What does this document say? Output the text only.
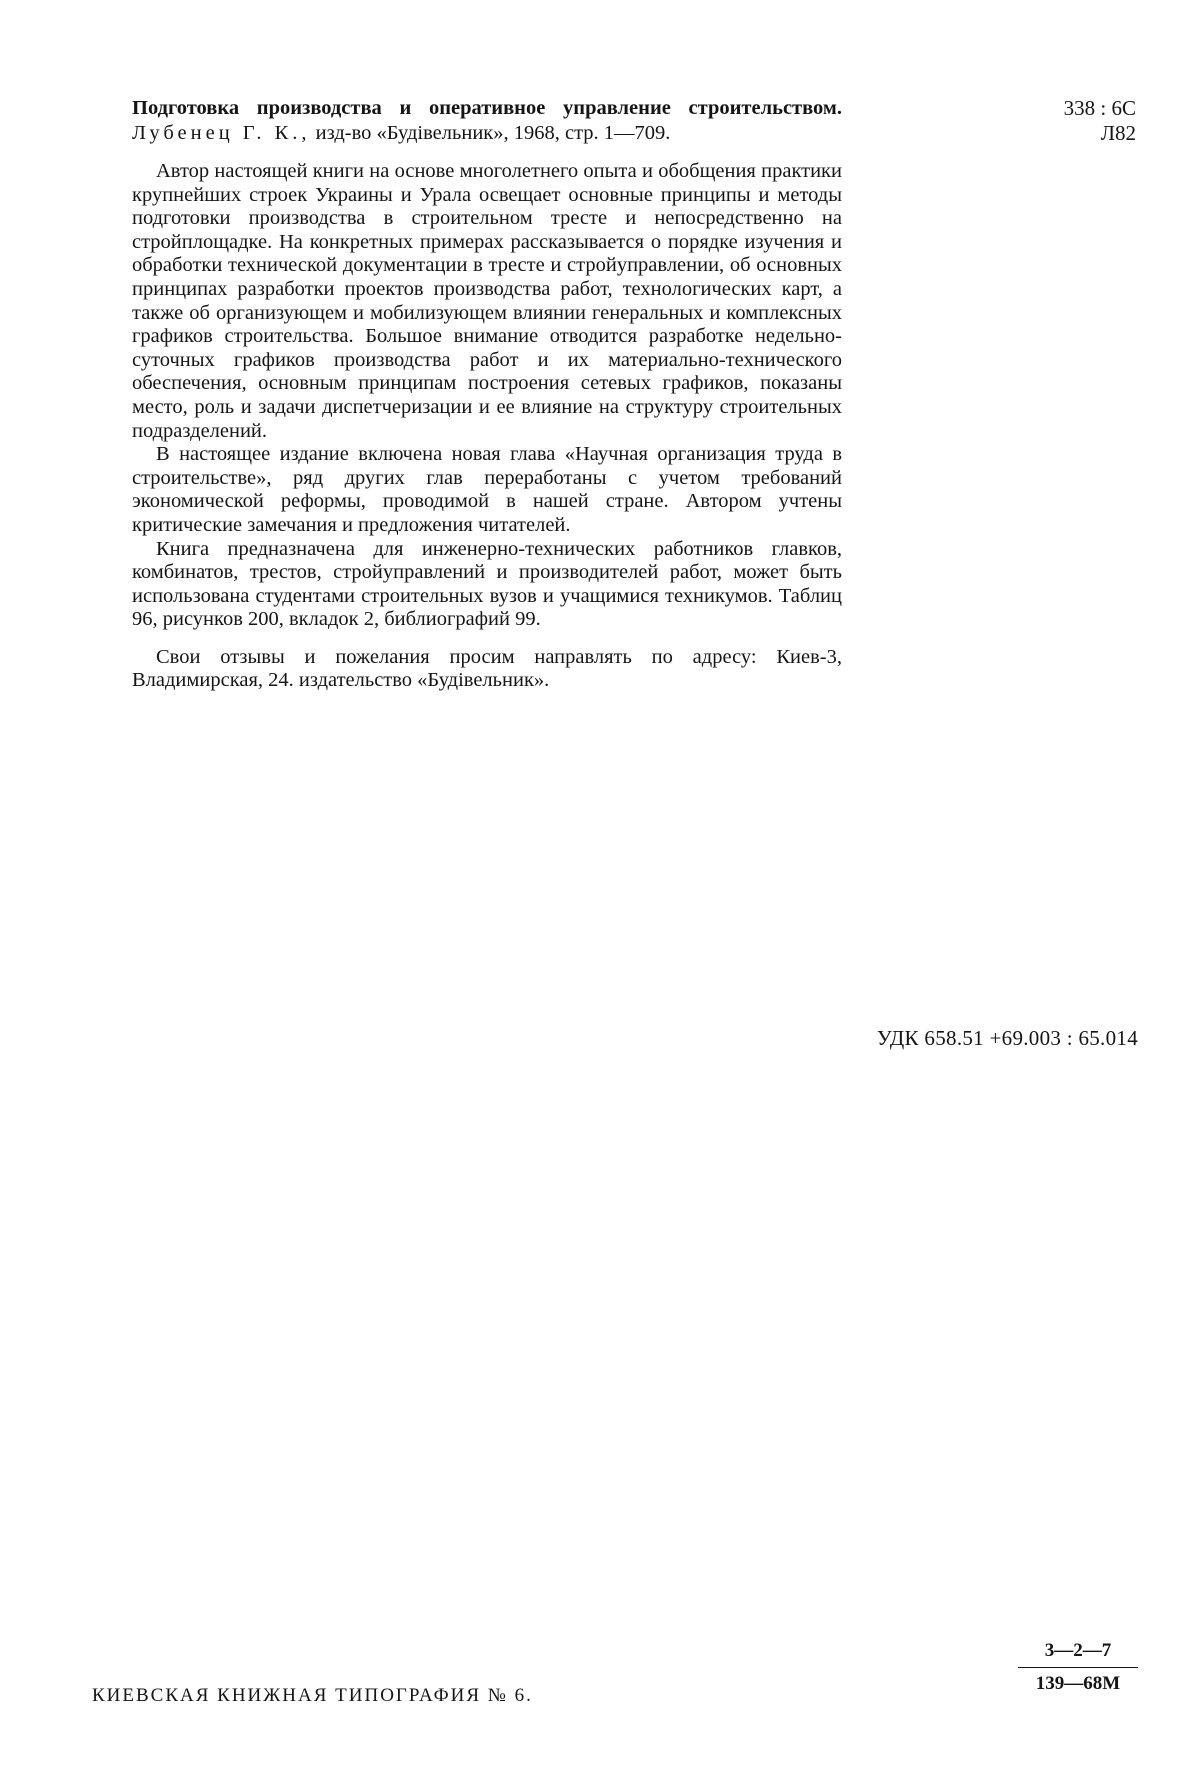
338 : 6С
Л82

Подготовка производства и оперативное управление строительством. Лубенец Г. К., изд-во «Будівельник», 1968, стр. 1—709.

Автор настоящей книги на основе многолетнего опыта и обобщения практики крупнейших строек Украины и Урала освещает основные принципы и методы подготовки производства в строительном тресте и непосредственно на стройплощадке. На конкретных примерах рассказывается о порядке изучения и обработки технической документации в тресте и стройуправлении, об основных принципах разработки проектов производства работ, технологических карт, а также об организующем и мобилизующем влиянии генеральных и комплексных графиков строительства. Большое внимание отводится разработке недельно-суточных графиков производства работ и их материально-технического обеспечения, основным принципам построения сетевых графиков, показаны место, роль и задачи диспетчеризации и ее влияние на структуру строительных подразделений.

В настоящее издание включена новая глава «Научная организация труда в строительстве», ряд других глав переработаны с учетом требований экономической реформы, проводимой в нашей стране. Автором учтены критические замечания и предложения читателей.

Книга предназначена для инженерно-технических работников главков, комбинатов, трестов, стройуправлений и производителей работ, может быть использована студентами строительных вузов и учащимися техникумов. Таблиц 96, рисунков 200, вкладок 2, библиографий 99.

Свои отзывы и пожелания просим направлять по адресу: Киев-3, Владимирская, 24. издательство «Будівельник».

УДК 658.51 +69.003 : 65.014
3—2—7
139—68М
КИЕВСКАЯ КНИЖНАЯ ТИПОГРАФИЯ № 6.
